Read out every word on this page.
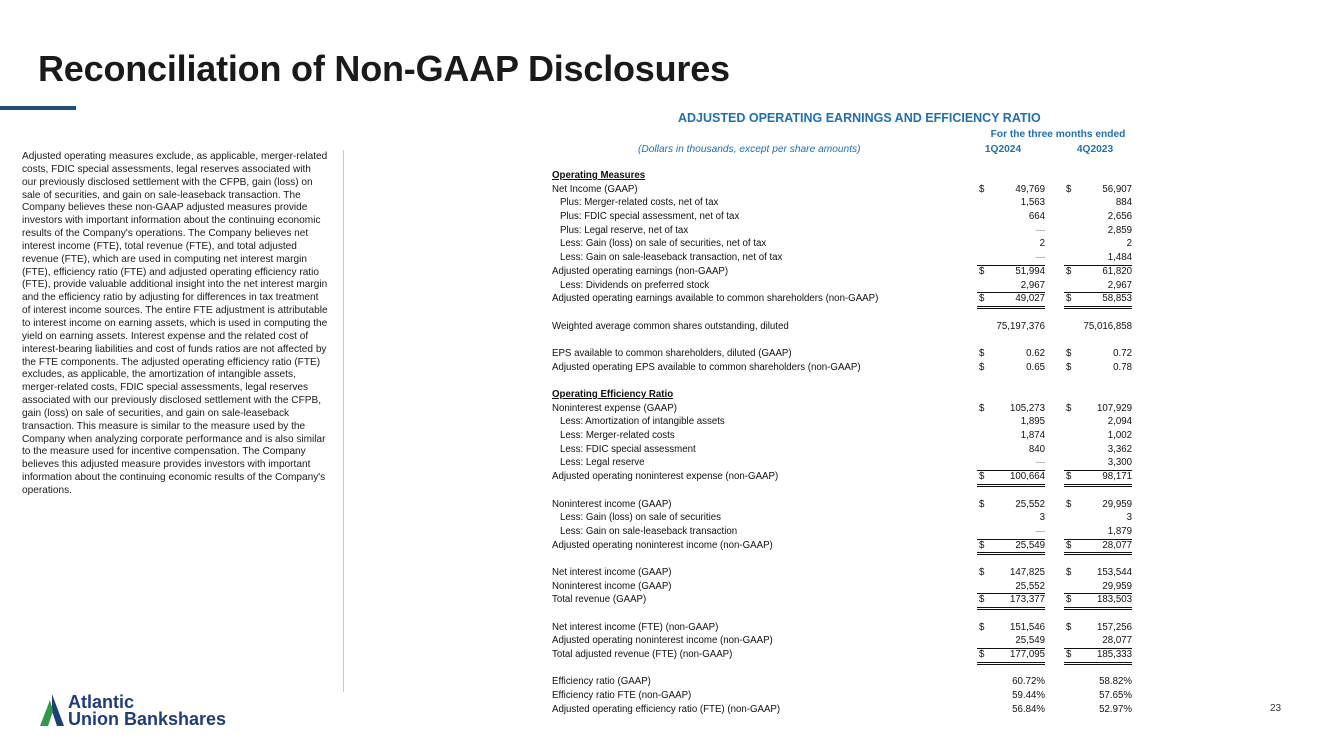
Reconciliation of Non-GAAP Disclosures

Adjusted operating measures exclude, as applicable, merger-related costs, FDIC special assessments, legal reserves associated with our previously disclosed settlement with the CFPB, gain (loss) on sale of securities, and gain on sale-leaseback transaction. The Company believes these non-GAAP adjusted measures provide investors with important information about the continuing economic results of the Company's operations. The Company believes net interest income (FTE), total revenue (FTE), and total adjusted revenue (FTE), which are used in computing net interest margin (FTE), efficiency ratio (FTE) and adjusted operating efficiency ratio (FTE), provide valuable additional insight into the net interest margin and the efficiency ratio by adjusting for differences in tax treatment of interest income sources. The entire FTE adjustment is attributable to interest income on earning assets, which is used in computing the yield on earning assets. Interest expense and the related cost of interest-bearing liabilities and cost of funds ratios are not affected by the FTE components. The adjusted operating efficiency ratio (FTE) excludes, as applicable, the amortization of intangible assets, merger-related costs, FDIC special assessments, legal reserves associated with our previously disclosed settlement with the CFPB, gain (loss) on sale of securities, and gain on sale-leaseback transaction. This measure is similar to the measure used by the Company when analyzing corporate performance and is also similar to the measure used for incentive compensation. The Company believes this adjusted measure provides investors with important information about the continuing economic results of the Company's operations.

ADJUSTED OPERATING EARNINGS AND EFFICIENCY RATIO
For the three months ended
(Dollars in thousands, except per share amounts)	1Q2024	4Q2023
Operating Measures
Net Income (GAAP)	$	49,769 $	56,907
Plus: Merger-related costs, net of tax	1,563	884
Plus: FDIC special assessment, net of tax	664	2,656
Plus: Legal reserve, net of tax	—	2,859
Less: Gain (loss) on sale of securities, net of tax	2	2
Less: Gain on sale-leaseback transaction, net of tax	—	1,484
Adjusted operating earnings (non-GAAP)	$	51,994 $	61,820
Less: Dividends on preferred stock	2,967	2,967
Adjusted operating earnings available to common shareholders (non-GAAP)	$	49,027 $	58,853
Weighted average common shares outstanding, diluted	75,197,376	75,016,858
EPS available to common shareholders, diluted (GAAP)	$	0.62 $	0.72
Adjusted operating EPS available to common shareholders (non-GAAP)	$	0.65 $	0.78
Operating Efficiency Ratio
Noninterest expense (GAAP)	$	105,273 $	107,929
Less: Amortization of intangible assets	1,895	2,094
Less: Merger-related costs	1,874	1,002
Less: FDIC special assessment	840	3,362
Less: Legal reserve	—	3,300
Adjusted operating noninterest expense (non-GAAP)	$	100,664 $	98,171
Noninterest income (GAAP)	$	25,552 $	29,959
Less: Gain (loss) on sale of securities	3	3
Less: Gain on sale-leaseback transaction	—	1,879
Adjusted operating noninterest income (non-GAAP)	$	25,549 $	28,077
Net interest income (GAAP)	$	147,825 $	153,544
Noninterest income (GAAP)	25,552	29,959
Total revenue (GAAP)	$	173,377 $	183,503
Net interest income (FTE) (non-GAAP)	$	151,546 $	157,256
Adjusted operating noninterest income (non-GAAP)	25,549	28,077
Total adjusted revenue (FTE) (non-GAAP)	$	177,095 $	185,333
Efficiency ratio (GAAP)	60.72%	58.82%
Efficiency ratio FTE (non-GAAP)	59.44%	57.65%
Adjusted operating efficiency ratio (FTE) (non-GAAP)	56.84%	52.97%
Atlantic
Union Bankshares
23
